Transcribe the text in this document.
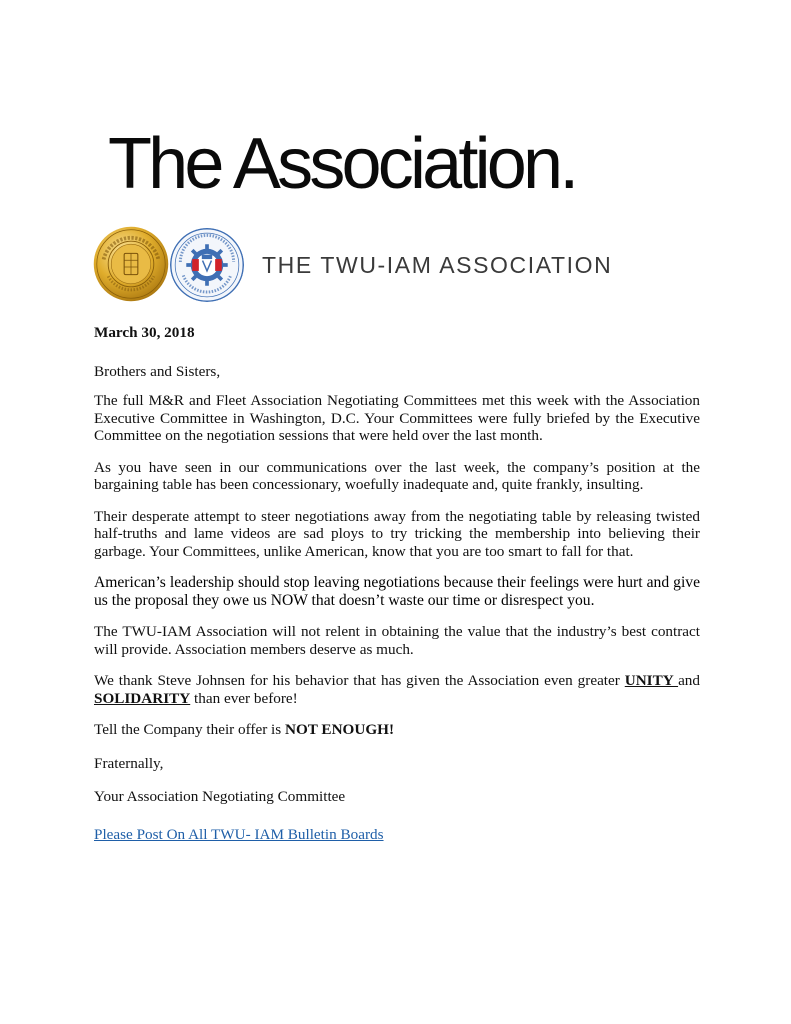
The Association.
THE TWU-IAM ASSOCIATION

March 30, 2018

Brothers and Sisters,

The full M&R and Fleet Association Negotiating Committees met this week with the Association Executive Committee in Washington, D.C. Your Committees were fully briefed by the Executive Committee on the negotiation sessions that were held over the last month.

As you have seen in our communications over the last week, the company’s position at the bargaining table has been concessionary, woefully inadequate and, quite frankly, insulting.

Their desperate attempt to steer negotiations away from the negotiating table by releasing twisted half-truths and lame videos are sad ploys to try tricking the membership into believing their garbage. Your Committees, unlike American, know that you are too smart to fall for that.

American’s leadership should stop leaving negotiations because their feelings were hurt and give us the proposal they owe us NOW that doesn’t waste our time or disrespect you.

The TWU-IAM Association will not relent in obtaining the value that the industry’s best contract will provide. Association members deserve as much.

We thank Steve Johnsen for his behavior that has given the Association even greater UNITY and SOLIDARITY than ever before!

Tell the Company their offer is NOT ENOUGH!

Fraternally,

Your Association Negotiating Committee

Please Post On All TWU- IAM Bulletin Boards
